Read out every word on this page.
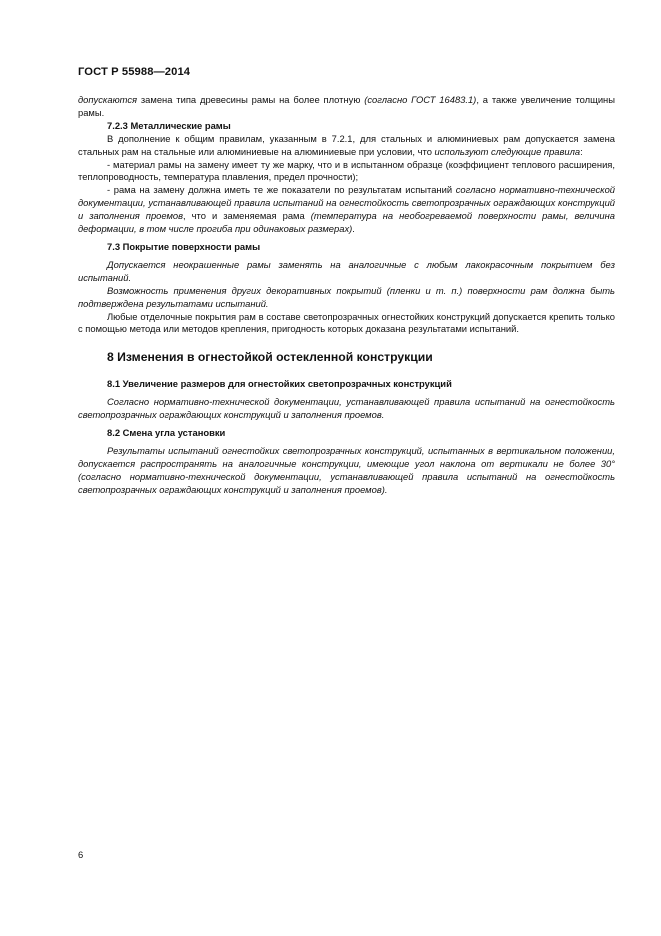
ГОСТ Р 55988—2014

допускаются замена типа древесины рамы на более плотную (согласно ГОСТ 16483.1), а также увеличение толщины рамы.

7.2.3 Металлические рамы

В дополнение к общим правилам, указанным в 7.2.1, для стальных и алюминиевых рам допускается замена стальных рам на стальные или алюминиевые на алюминиевые при условии, что используют следующие правила:

- материал рамы на замену имеет ту же марку, что и в испытанном образце (коэффициент теплового расширения, теплопроводность, температура плавления, предел прочности);

- рама на замену должна иметь те же показатели по результатам испытаний согласно нормативно-технической документации, устанавливающей правила испытаний на огнестойкость светопрозрачных ограждающих конструкций и заполнения проемов, что и заменяемая рама (температура на необогреваемой поверхности рамы, величина деформации, в том числе прогиба при одинаковых размерах).

7.3 Покрытие поверхности рамы

Допускается неокрашенные рамы заменять на аналогичные с любым лакокрасочным покрытием без испытаний.

Возможность применения других декоративных покрытий (пленки и т. п.) поверхности рам должна быть подтверждена результатами испытаний.

Любые отделочные покрытия рам в составе светопрозрачных огнестойких конструкций допускается крепить только с помощью метода или методов крепления, пригодность которых доказана результатами испытаний.

8 Изменения в огнестойкой остекленной конструкции

8.1 Увеличение размеров для огнестойких светопрозрачных конструкций

Согласно нормативно-технической документации, устанавливающей правила испытаний на огнестойкость светопрозрачных ограждающих конструкций и заполнения проемов.

8.2 Смена угла установки

Результаты испытаний огнестойких светопрозрачных конструкций, испытанных в вертикальном положении, допускается распространять на аналогичные конструкции, имеющие угол наклона от вертикали не более 30° (согласно нормативно-технической документации, устанавливающей правила испытаний на огнестойкость светопрозрачных ограждающих конструкций и заполнения проемов).

6
